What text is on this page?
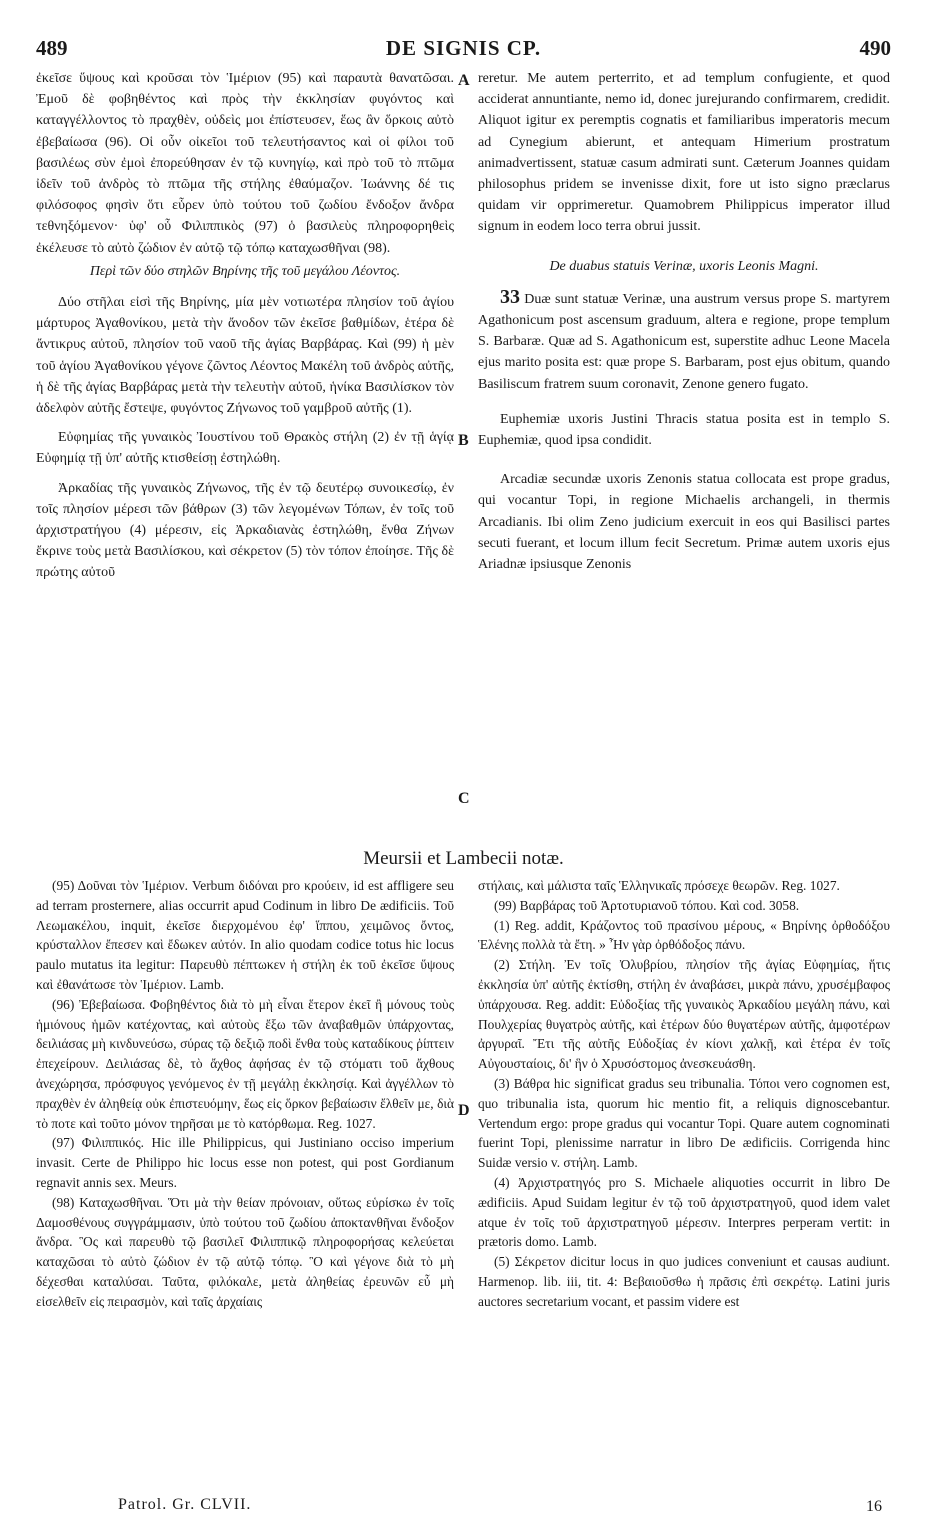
489	DE SIGNIS CP.	490
A
B
C
D

ἐκεῖσε ὕψους καὶ κροῦσαι τὸν Ἱμέριον (95) καὶ παραυτὰ θανατῶσαι. Ἐμοῦ δὲ φοβηθέντος καὶ πρὸς τὴν ἐκκλησίαν φυγόντος καὶ καταγγέλλοντος τὸ πραχθὲν, οὐδεὶς μοι ἐπίστευσεν, ἕως ἂν ὅρκοις αὐτὸ ἐβεβαίωσα (96). Οἱ οὖν οἰκεῖοι τοῦ τελευτήσαντος καὶ οἱ φίλοι τοῦ βασιλέως σὺν ἐμοὶ ἐπορεύθησαν ἐν τῷ κυνηγίῳ, καὶ πρὸ τοῦ τὸ πτῶμα ἰδεῖν τοῦ ἀνδρὸς τὸ πτῶμα τῆς στήλης ἐθαύμαζον. Ἰωάννης δέ τις φιλόσοφος φησὶν ὅτι εὗρεν ὑπὸ τούτου τοῦ ζωδίου ἔνδοξον ἄνδρα τεθνηξόμενον· ὑφ' οὗ Φιλιππικὸς (97) ὁ βασιλεὺς πληροφορηθεὶς ἐκέλευσε τὸ αὐτὸ ζώδιον ἐν αὐτῷ τῷ τόπῳ καταχωσθῆναι (98).

Περὶ τῶν δύο στηλῶν Βηρίνης τῆς τοῦ μεγάλου Λέοντος.

Δύο στῆλαι εἰσὶ τῆς Βηρίνης, μία μὲν νοτιωτέρα πλησίον τοῦ ἁγίου μάρτυρος Ἀγαθονίκου, μετὰ τὴν ἄνοδον τῶν ἐκεῖσε βαθμίδων, ἑτέρα δὲ ἄντικρυς αὐτοῦ, πλησίον τοῦ ναοῦ τῆς ἁγίας Βαρβάρας. Καὶ (99) ἡ μὲν τοῦ ἁγίου Ἀγαθονίκου γέγονε ζῶντος Λέοντος Μακέλη τοῦ ἀνδρὸς αὐτῆς, ἡ δὲ τῆς ἁγίας Βαρβάρας μετὰ τὴν τελευτὴν αὐτοῦ, ἡνίκα Βασιλίσκον τὸν ἀδελφὸν αὐτῆς ἔστεψε, φυγόντος Ζήνωνος τοῦ γαμβροῦ αὐτῆς (1).

Εὐφημίας τῆς γυναικὸς Ἰουστίνου τοῦ Θρακὸς στήλη (2) ἐν τῇ ἁγίᾳ Εὐφημίᾳ τῇ ὑπ' αὐτῆς κτισθείσῃ ἐστηλώθη.

Ἀρκαδίας τῆς γυναικὸς Ζήνωνος, τῆς ἐν τῷ δευτέρῳ συνοικεσίῳ, ἐν τοῖς πλησίον μέρεσι τῶν βάθρων (3) τῶν λεγομένων Τόπων, ἐν τοῖς τοῦ ἀρχιστρατήγου (4) μέρεσιν, εἰς Ἀρκαδιανὰς ἐστηλώθη, ἔνθα Ζήνων ἔκρινε τοὺς μετὰ Βασιλίσκου, καὶ σέκρετον (5) τὸν τόπον ἐποίησε. Τῆς δὲ πρώτης αὐτοῦ

reretur. Me autem perterrito, et ad templum confugiente, et quod acciderat annuntiante, nemo id, donec jurejurando confirmarem, credidit. Aliquot igitur ex peremptis cognatis et familiaribus imperatoris mecum ad Cynegium abierunt, et antequam Himerium prostratum animadvertissent, statuæ casum admirati sunt. Cæterum Joannes quidam philosophus pridem se invenisse dixit, fore ut isto signo præclarus quidam vir opprimeretur. Quamobrem Philippicus imperator illud signum in eodem loco terra obrui jussit.

De duabus statuis Verinæ, uxoris Leonis Magni.

33 Duæ sunt statuæ Verinæ, una austrum versus prope S. martyrem Agathonicum post ascensum graduum, altera e regione, prope templum S. Barbaræ. Quæ ad S. Agathonicum est, superstite adhuc Leone Macela ejus marito posita est: quæ prope S. Barbaram, post ejus obitum, quando Basiliscum fratrem suum coronavit, Zenone genero fugato.

Euphemiæ uxoris Justini Thracis statua posita est in templo S. Euphemiæ, quod ipsa condidit.

Arcadiæ secundæ uxoris Zenonis statua collocata est prope gradus, qui vocantur Topi, in regione Michaelis archangeli, in thermis Arcadianis. Ibi olim Zeno judicium exercuit in eos qui Basilisci partes secuti fuerant, et locum illum fecit Secretum. Primæ autem uxoris ejus Ariadnæ ipsiusque Zenonis

Meursii et Lambecii notæ.

(95) Δοῦναι τὸν Ἱμέριον. Verbum διδόναι pro κρούειν, id est affligere seu ad terram prosternere, alias occurrit apud Codinum in libro De ædificiis. Τοῦ Λεωμακέλου, inquit, ἐκεῖσε διερχομένου ἐφ' ἵππου, χειμῶνος ὄντος, κρύσταλλον ἔπεσεν καὶ ἔδωκεν αὐτόν. In alio quodam codice totus hic locus paulo mutatus ita legitur: Παρευθὺ πέπτωκεν ἡ στήλη ἐκ τοῦ ἐκεῖσε ὕψους καὶ ἐθανάτωσε τὸν Ἱμέριον. Lamb.

(96) Ἐβεβαίωσα. Φοβηθέντος διὰ τὸ μὴ εἶναι ἕτερον ἐκεῖ ἢ μόνους τοὺς ἡμιόνους ἡμῶν κατέχοντας, καὶ αὐτοὺς ἔξω τῶν ἀναβαθμῶν ὑπάρχοντας, δειλιάσας μὴ κινδυνεύσω, σύρας τῷ δεξιῷ ποδὶ ἔνθα τοὺς καταδίκους ῥίπτειν ἐπεχείρουν. Δειλιάσας δὲ, τὸ ἄχθος ἀφήσας ἐν τῷ στόματι τοῦ ἄχθους ἀνεχώρησα, πρόσφυγος γενόμενος ἐν τῇ μεγάλῃ ἐκκλησίᾳ. Καὶ ἀγγέλλων τὸ πραχθὲν ἐν ἀληθείᾳ οὐκ ἐπιστευόμην, ἕως εἰς ὅρκον βεβαίωσιν ἔλθεῖν με, διὰ τὸ ποτε καὶ τοῦτο μόνον τηρῆσαι με τὸ κατόρθωμα. Reg. 1027.

(97) Φιλιππικός. Hic ille Philippicus, qui Justiniano occiso imperium invasit. Certe de Philippo hic locus esse non potest, qui post Gordianum regnavit annis sex. Meurs.

(98) Καταχωσθῆναι. Ὅτι μὰ τὴν θείαν πρόνοιαν, οὕτως εὑρίσκω ἐν τοῖς Δαμοσθένους συγγράμμασιν, ὑπὸ τούτου τοῦ ζωδίου ἀποκτανθῆναι ἔνδοξον ἄνδρα. Ὃς καὶ παρευθὺ τῷ βασιλεῖ Φιλιππικῷ πληροφορήσας κελεύεται καταχῶσαι τὸ αὐτὸ ζώδιον ἐν τῷ αὐτῷ τόπῳ. Ὃ καὶ γέγονε διὰ τὸ μὴ δέχεσθαι καταλύσαι. Ταῦτα, φιλόκαλε, μετὰ ἀληθείας ἐρευνῶν εὖ μὴ εἰσελθεῖν εἰς πειρασμὸν, καὶ ταῖς ἀρχαίαις

στήλαις, καὶ μάλιστα ταῖς Ἑλληνικαῖς πρόσεχε θεωρῶν. Reg. 1027.

(99) Βαρβάρας τοῦ Ἀρτοτυριανοῦ τόπου. Καὶ cod. 3058.

(1) Reg. addit, Κράζοντος τοῦ πρασίνου μέρους, « Βηρίνης ὀρθοδόξου Ἑλένης πολλὰ τὰ ἔτη. » Ἦν γὰρ ὀρθόδοξος πάνυ.

(2) Στήλη. Ἐν τοῖς Ὀλυβρίου, πλησίον τῆς ἁγίας Εὐφημίας, ἥτις ἐκκλησία ὑπ' αὐτῆς ἐκτίσθη, στήλη ἐν ἀναβάσει, μικρὰ πάνυ, χρυσέμβαφος ὑπάρχουσα. Reg. addit: Εὐδοξίας τῆς γυναικὸς Ἀρκαδίου μεγάλη πάνυ, καὶ Πουλχερίας θυγατρὸς αὐτῆς, καὶ ἑτέρων δύο θυγατέρων αὐτῆς, ἀμφοτέρων ἀργυραῖ. Ἔτι τῆς αὐτῆς Εὐδοξίας ἐν κίονι χαλκῇ, καὶ ἑτέρα ἐν τοῖς Αὐγουσταίοις, δι' ἣν ὁ Χρυσόστομος ἀνεσκευάσθη.

(3) Βάθρα hic significat gradus seu tribunalia. Τόποι vero cognomen est, quo tribunalia ista, quorum hic mentio fit, a reliquis dignoscebantur. Vertendum ergo: prope gradus qui vocantur Topi. Quare autem cognominati fuerint Topi, plenissime narratur in libro De ædificiis. Corrigenda hinc Suidæ versio v. στήλη. Lamb.

(4) Ἀρχιστρατηγός pro S. Michaele aliquoties occurrit in libro De ædificiis. Apud Suidam legitur ἐν τῷ τοῦ ἀρχιστρατηγοῦ, quod idem valet atque ἐν τοῖς τοῦ ἀρχιστρατηγοῦ μέρεσιν. Interpres perperam vertit: in prætoris domo. Lamb.

(5) Σέκρετον dicitur locus in quo judices conveniunt et causas audiunt. Harmenop. lib. iii, tit. 4: Βεβαιοῦσθω ἡ πρᾶσις ἐπὶ σεκρέτῳ. Latini juris auctores secretarium vocant, et passim videre est

Patrol. Gr. CLVII.	16
